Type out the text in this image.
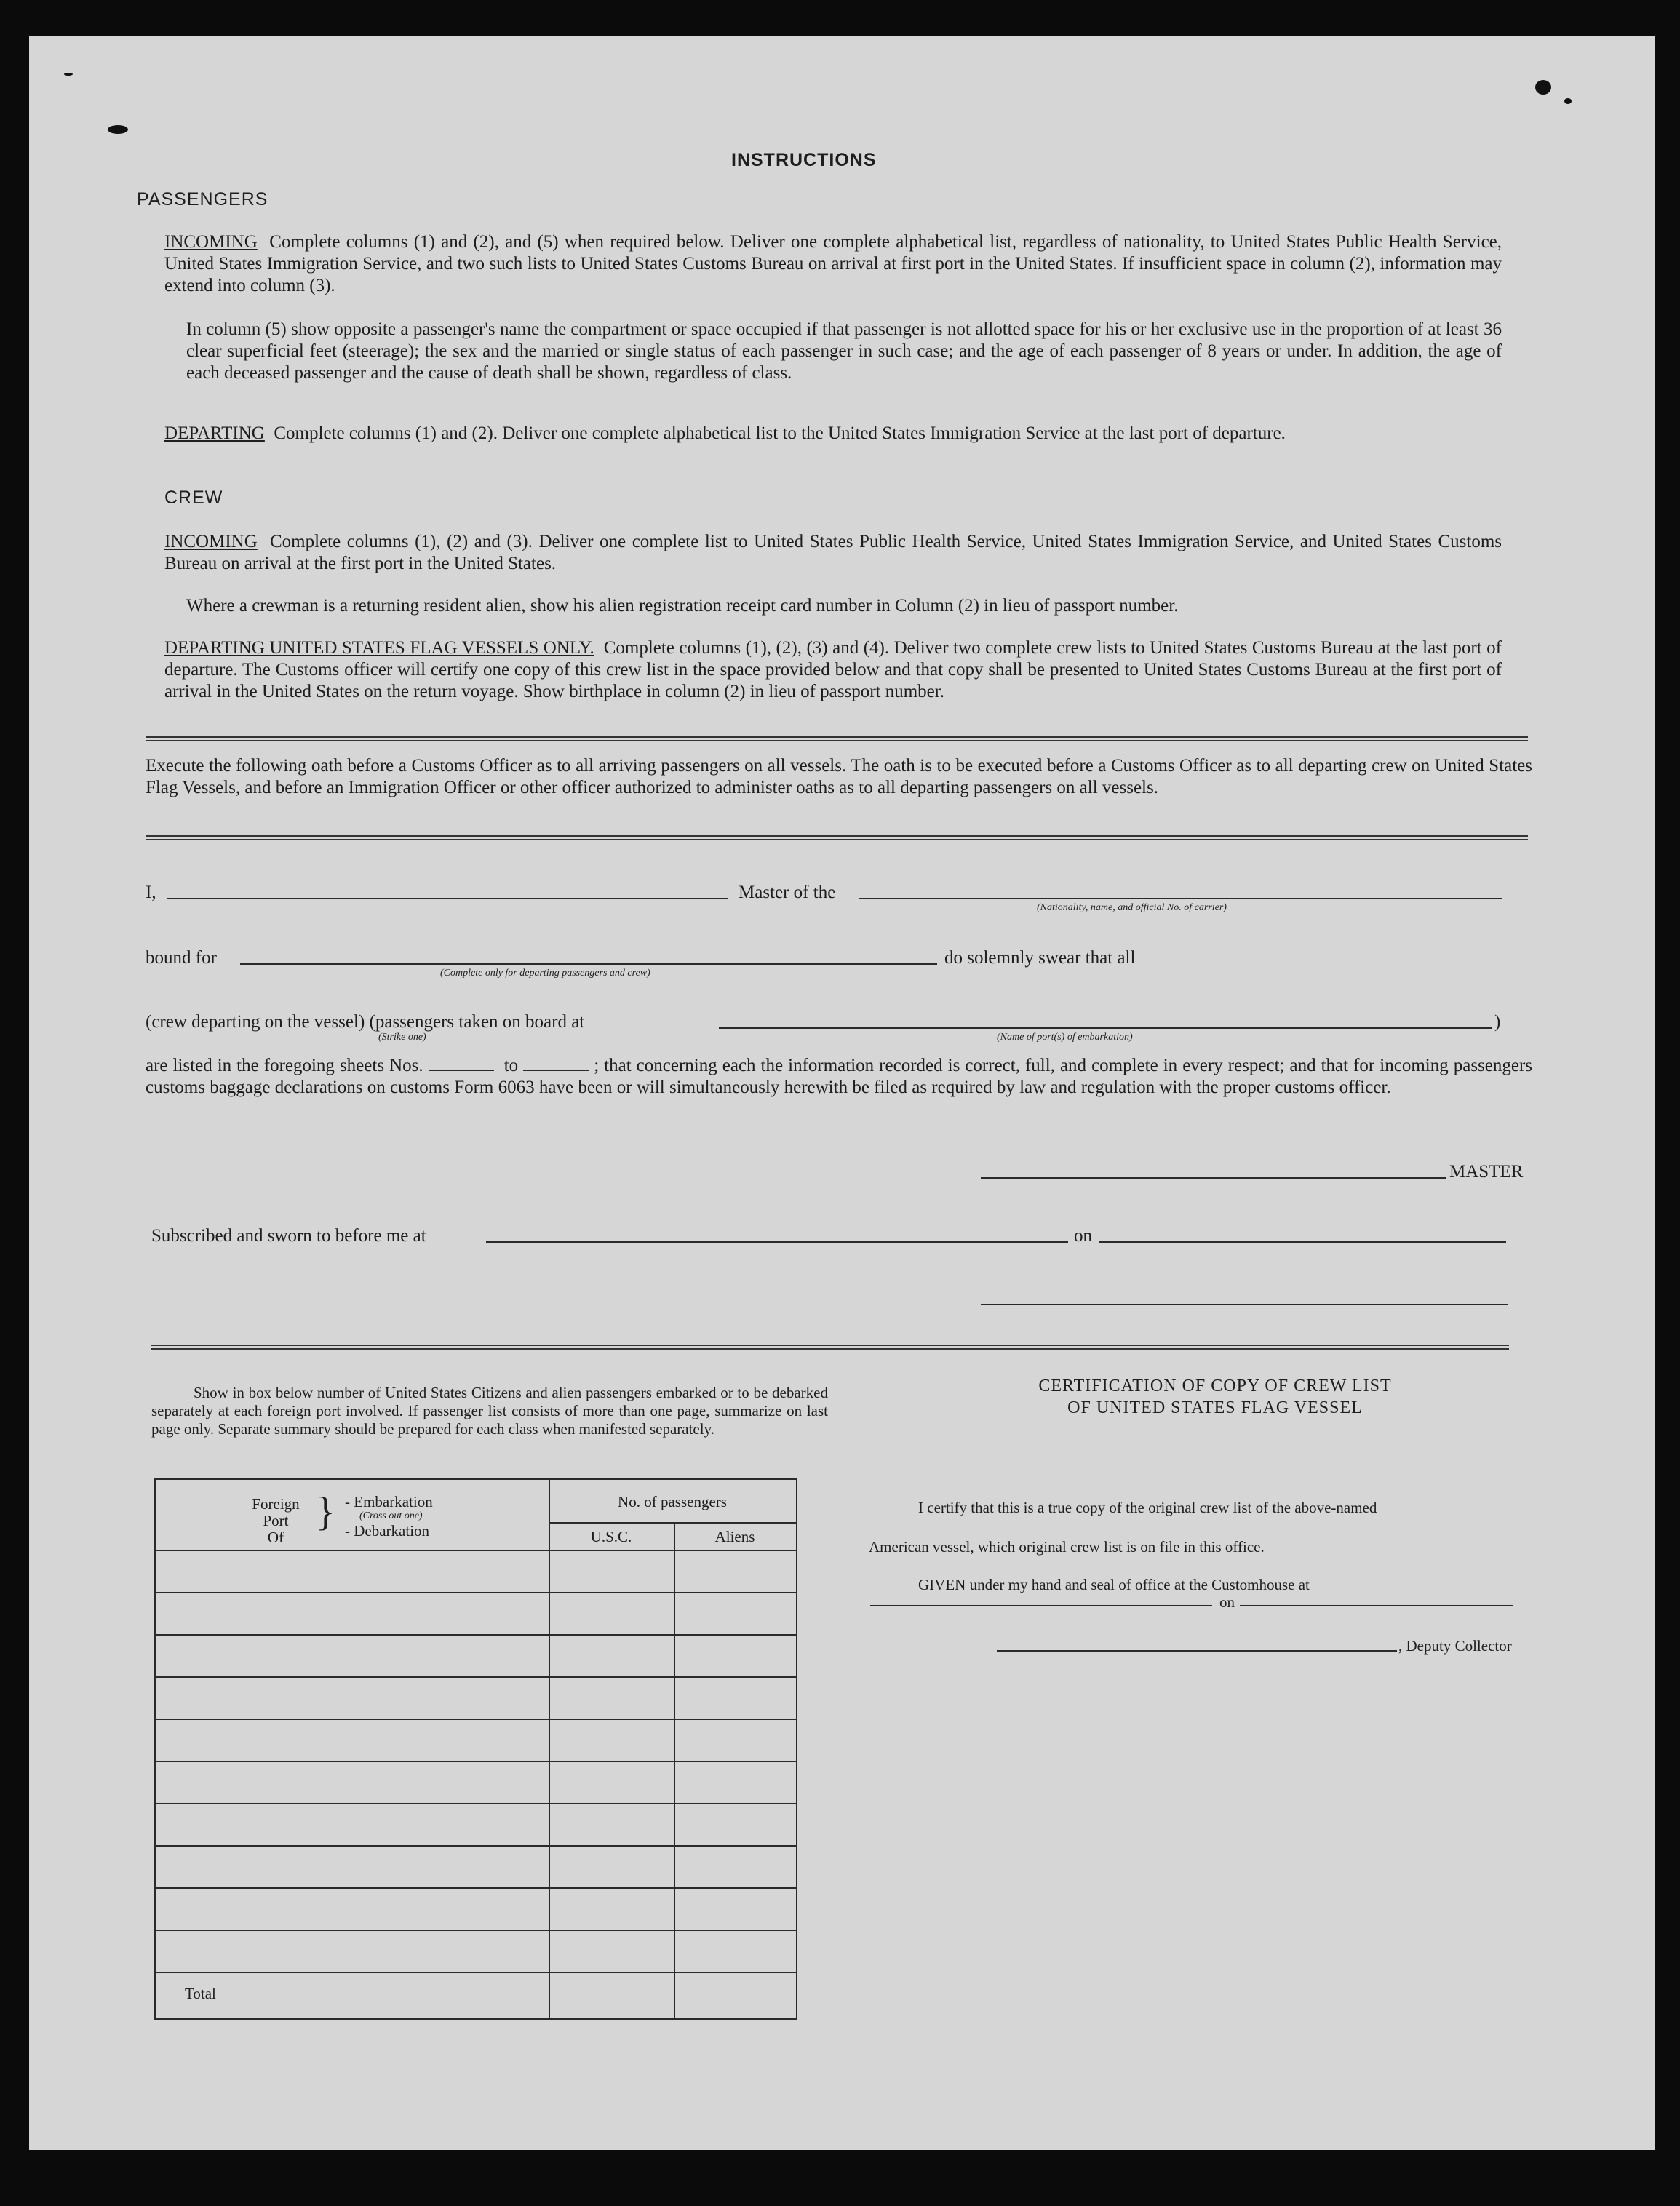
INSTRUCTIONS
PASSENGERS
INCOMING Complete columns (1) and (2), and (5) when required below. Deliver one complete alphabetical list, regardless of nationality, to United States Public Health Service, United States Immigration Service, and two such lists to United States Customs Bureau on arrival at first port in the United States. If insufficient space in column (2), information may extend into column (3).
In column (5) show opposite a passenger's name the compartment or space occupied if that passenger is not allotted space for his or her exclusive use in the proportion of at least 36 clear superficial feet (steerage); the sex and the married or single status of each passenger in such case; and the age of each passenger of 8 years or under. In addition, the age of each deceased passenger and the cause of death shall be shown, regardless of class.
DEPARTING Complete columns (1) and (2). Deliver one complete alphabetical list to the United States Immigration Service at the last port of departure.
CREW
INCOMING Complete columns (1), (2) and (3). Deliver one complete list to United States Public Health Service, United States Immigration Service, and United States Customs Bureau on arrival at the first port in the United States.
Where a crewman is a returning resident alien, show his alien registration receipt card number in Column (2) in lieu of passport number.
DEPARTING UNITED STATES FLAG VESSELS ONLY. Complete columns (1), (2), (3) and (4). Deliver two complete crew lists to United States Customs Bureau at the last port of departure. The Customs officer will certify one copy of this crew list in the space provided below and that copy shall be presented to United States Customs Bureau at the first port of arrival in the United States on the return voyage. Show birthplace in column (2) in lieu of passport number.
Execute the following oath before a Customs Officer as to all arriving passengers on all vessels. The oath is to be executed before a Customs Officer as to all departing crew on United States Flag Vessels, and before an Immigration Officer or other officer authorized to administer oaths as to all departing passengers on all vessels.
I,	Master of the
(Nationality, name, and official No. of carrier)
bound for
(Complete only for departing passengers and crew)
do solemnly swear that all
(crew departing on the vessel) (passengers taken on board at	)
(Strike one)	(Name of port(s) of embarkation)
are listed in the foregoing sheets Nos.	to	; that concerning each the information recorded is correct, full, and complete in every respect; and that for incoming passengers customs baggage declarations on customs Form 6063 have been or will simultaneously herewith be filed as required by law and regulation with the proper customs officer.
MASTER
Subscribed and sworn to before me at	on
Show in box below number of United States Citizens and alien passengers embarked or to be debarked separately at each foreign port involved. If passenger list consists of more than one page, summarize on last page only. Separate summary should be prepared for each class when manifested separately.
Foreign
Port
Of
} - Embarkation
(Cross out one)
- Debarkation
No. of passengers
U.S.C.	Aliens
Total
CERTIFICATION OF COPY OF CREW LIST
OF UNITED STATES FLAG VESSEL
I certify that this is a true copy of the original crew list of the above-named
American vessel, which original crew list is on file in this office.
GIVEN under my hand and seal of office at the Customhouse at
on
, Deputy Collector
